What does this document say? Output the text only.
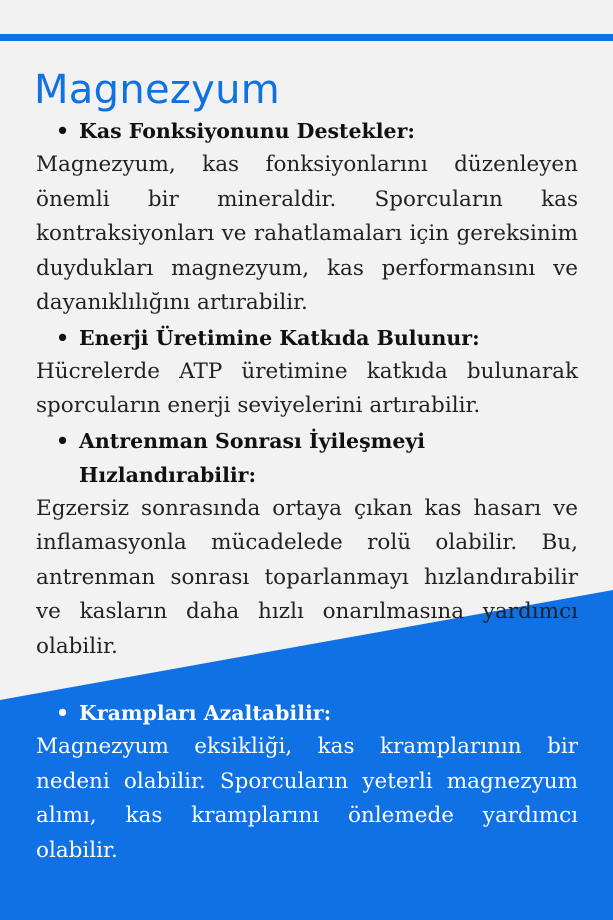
Magnezyum

• Kas Fonksiyonunu Destekler:

Magnezyum, kas fonksiyonlarını düzenleyen önemli bir mineraldir. Sporcuların kas kontraksiyonları ve rahatlamaları için gereksinim duydukları magnezyum, kas performansını ve dayanıklılığını artırabilir.

• Enerji Üretimine Katkıda Bulunur:

Hücrelerde ATP üretimine katkıda bulunarak sporcuların enerji seviyelerini artırabilir.

• Antrenman Sonrası İyileşmeyi
Hızlandırabilir:

Egzersiz sonrasında ortaya çıkan kas hasarı ve inflamasyonla mücadelede rolü olabilir. Bu, antrenman sonrası toparlanmayı hızlandırabilir ve kasların daha hızlı onarılmasına yardımcı olabilir.

• Krampları Azaltabilir:

Magnezyum eksikliği, kas kramplarının bir nedeni olabilir. Sporcuların yeterli magnezyum alımı, kas kramplarını önlemede yardımcı olabilir.
